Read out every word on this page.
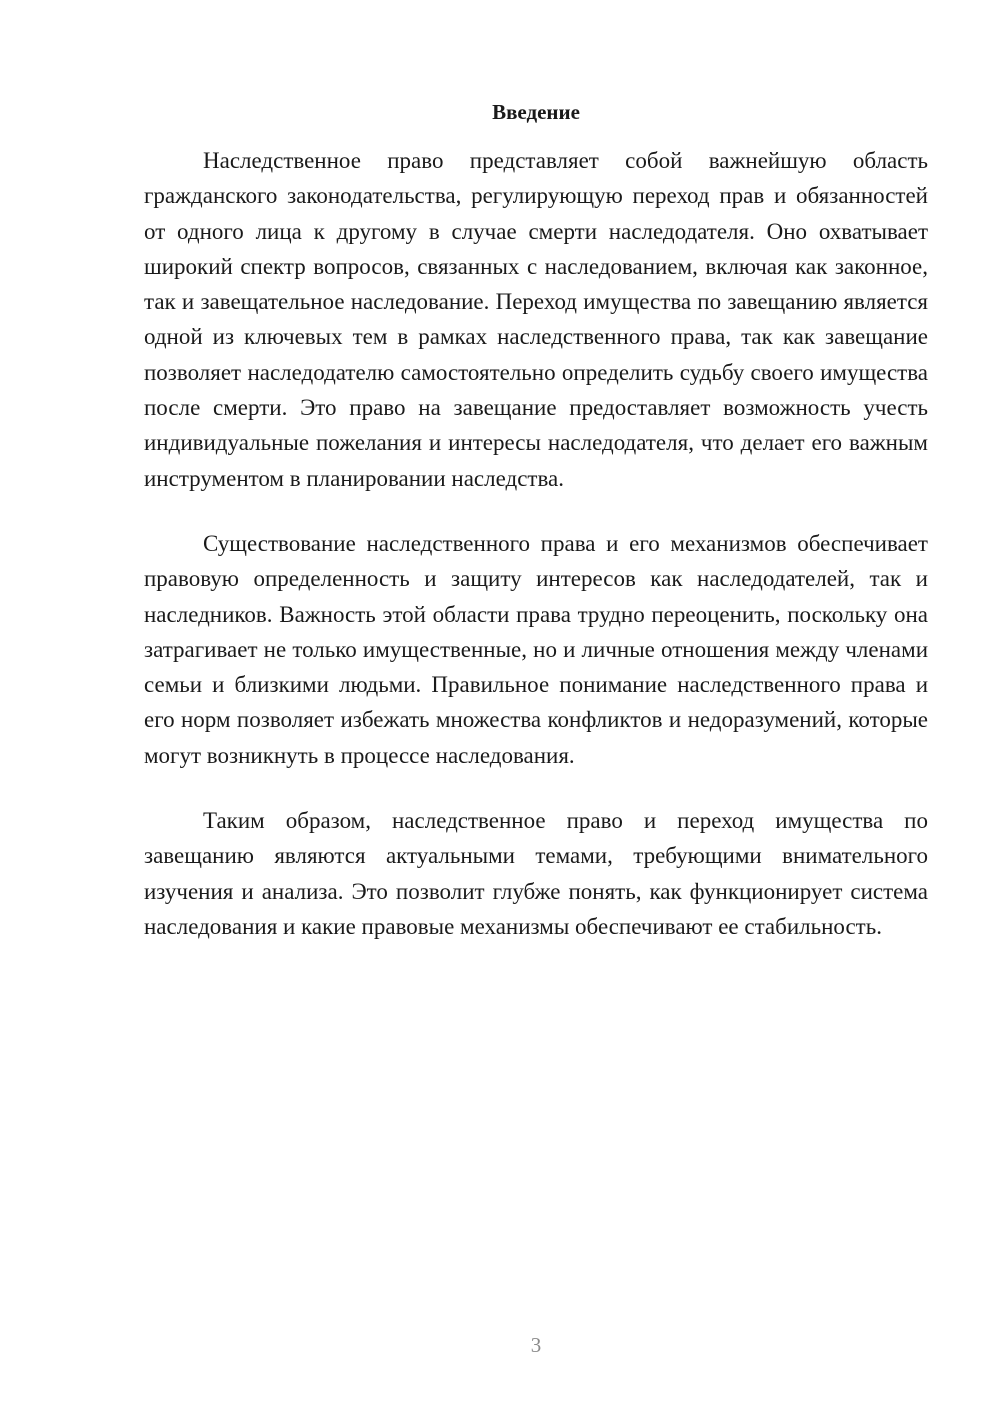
Введение

Наследственное право представляет собой важнейшую область гражданского законодательства, регулирующую переход прав и обязанностей от одного лица к другому в случае смерти наследодателя. Оно охватывает широкий спектр вопросов, связанных с наследованием, включая как законное, так и завещательное наследование. Переход имущества по завещанию является одной из ключевых тем в рамках наследственного права, так как завещание позволяет наследодателю самостоятельно определить судьбу своего имущества после смерти. Это право на завещание предоставляет возможность учесть индивидуальные пожелания и интересы наследодателя, что делает его важным инструментом в планировании наследства.

Существование наследственного права и его механизмов обеспечивает правовую определенность и защиту интересов как наследодателей, так и наследников. Важность этой области права трудно переоценить, поскольку она затрагивает не только имущественные, но и личные отношения между членами семьи и близкими людьми. Правильное понимание наследственного права и его норм позволяет избежать множества конфликтов и недоразумений, которые могут возникнуть в процессе наследования.

Таким образом, наследственное право и переход имущества по завещанию являются актуальными темами, требующими внимательного изучения и анализа. Это позволит глубже понять, как функционирует система наследования и какие правовые механизмы обеспечивают ее стабильность.

3
